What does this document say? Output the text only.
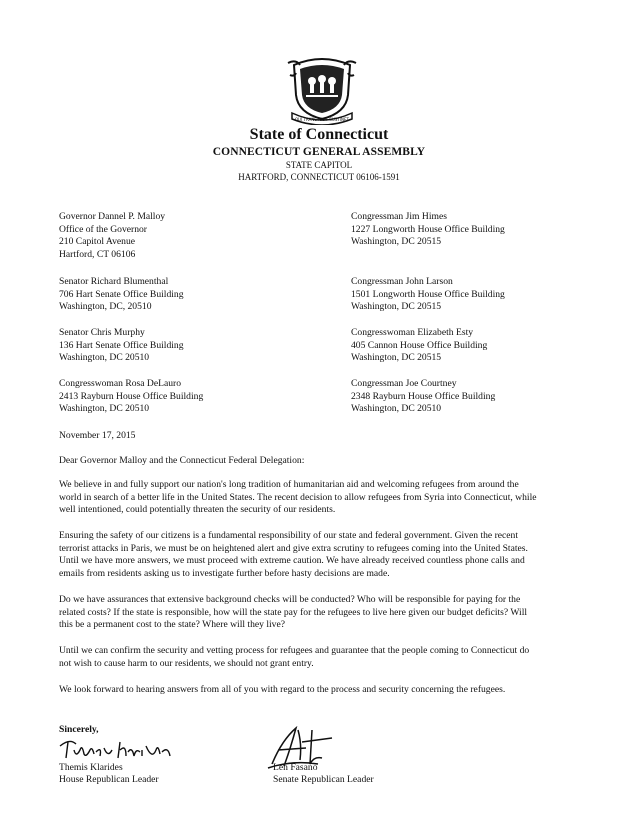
QUI TRANSTULIT SUSTINET
State of Connecticut
CONNECTICUT GENERAL ASSEMBLY
STATE CAPITOL
HARTFORD, CONNECTICUT 06106-1591
Governor Dannel P. Malloy
Office of the Governor
210 Capitol Avenue
Hartford, CT 06106
Senator Richard Blumenthal
706 Hart Senate Office Building
Washington, DC, 20510
Senator Chris Murphy
136 Hart Senate Office Building
Washington, DC 20510
Congresswoman Rosa DeLauro
2413 Rayburn House Office Building
Washington, DC 20510
Congressman Jim Himes
1227 Longworth House Office Building
Washington, DC 20515
Congressman John Larson
1501 Longworth House Office Building
Washington, DC 20515
Congresswoman Elizabeth Esty
405 Cannon House Office Building
Washington, DC 20515
Congressman Joe Courtney
2348 Rayburn House Office Building
Washington, DC 20510
November 17, 2015
Dear Governor Malloy and the Connecticut Federal Delegation:
We believe in and fully support our nation's long tradition of humanitarian aid and welcoming refugees from around the world in search of a better life in the United States. The recent decision to allow refugees from Syria into Connecticut, while well intentioned, could potentially threaten the security of our residents.
Ensuring the safety of our citizens is a fundamental responsibility of our state and federal government. Given the recent terrorist attacks in Paris, we must be on heightened alert and give extra scrutiny to refugees coming into the United States. Until we have more answers, we must proceed with extreme caution. We have already received countless phone calls and emails from residents asking us to investigate further before hasty decisions are made.
Do we have assurances that extensive background checks will be conducted? Who will be responsible for paying for the related costs? If the state is responsible, how will the state pay for the refugees to live here given our budget deficits? Will this be a permanent cost to the state? Where will they live?
Until we can confirm the security and vetting process for refugees and guarantee that the people coming to Connecticut do not wish to cause harm to our residents, we should not grant entry.
We look forward to hearing answers from all of you with regard to the process and security concerning the refugees.
Sincerely,
Themis Klarides
House Republican Leader
Len Fasano
Senate Republican Leader
